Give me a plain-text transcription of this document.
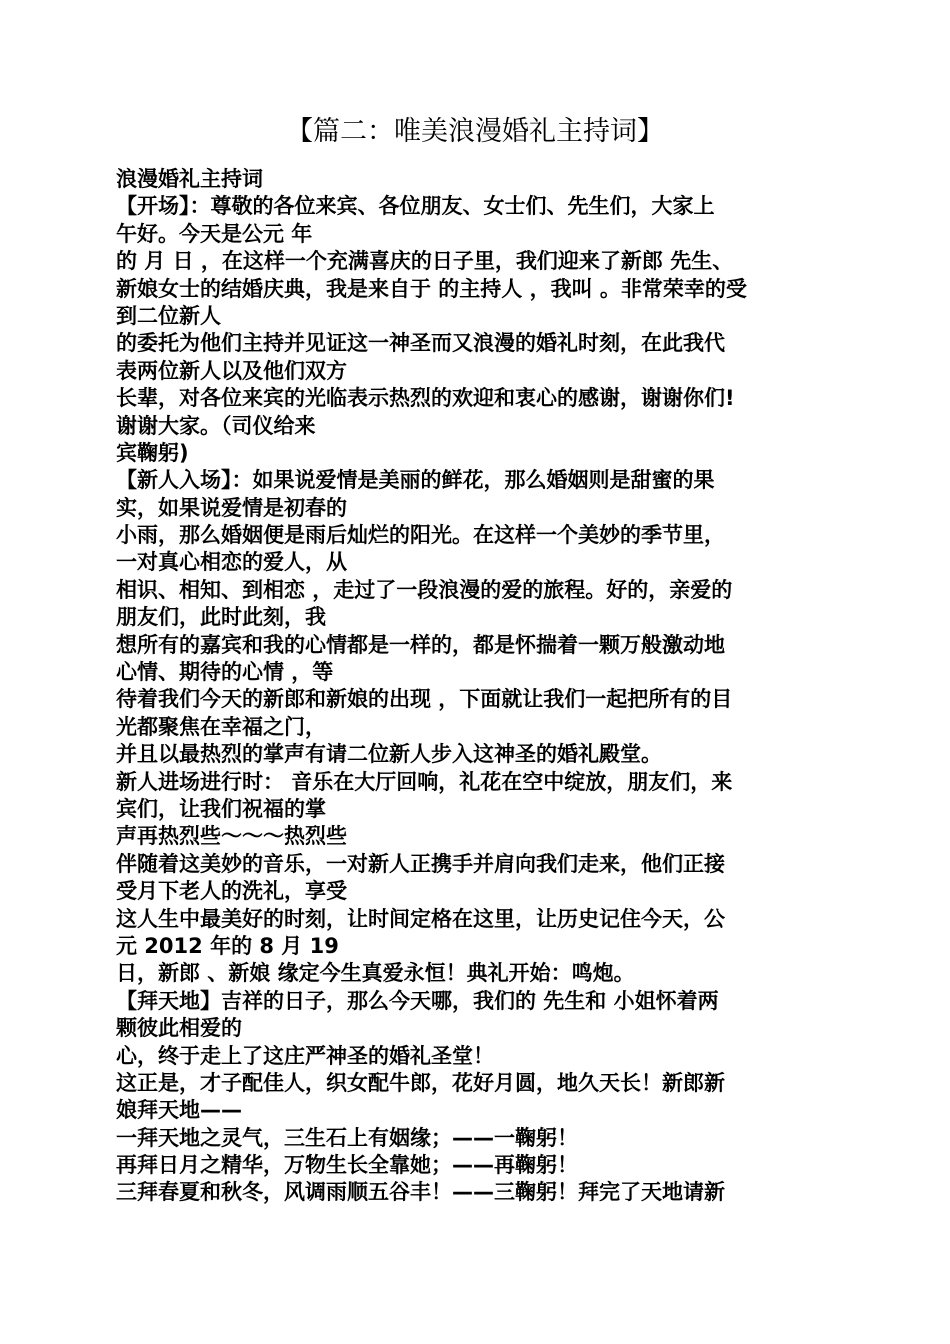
【篇二：唯美浪漫婚礼主持词】
浪漫婚礼主持词
【开场】：尊敬的各位来宾、各位朋友、女士们、先生们，大家上
午好。今天是公元 年
的 月 日 ，在这样一个充满喜庆的日子里，我们迎来了新郎 先生、
新娘女士的结婚庆典，我是来自于 的主持人 ，我叫 。非常荣幸的受
到二位新人
的委托为他们主持并见证这一神圣而又浪漫的婚礼时刻，在此我代
表两位新人以及他们双方
长辈，对各位来宾的光临表示热烈的欢迎和衷心的感谢，谢谢你们!
谢谢大家。（司仪给来
宾鞠躬)
【新人入场】：如果说爱情是美丽的鲜花，那么婚姻则是甜蜜的果
实，如果说爱情是初春的
小雨，那么婚姻便是雨后灿烂的阳光。在这样一个美妙的季节里，
一对真心相恋的爱人，从
相识、相知、到相恋 ，走过了一段浪漫的爱的旅程。好的，亲爱的
朋友们，此时此刻，我
想所有的嘉宾和我的心情都是一样的，都是怀揣着一颗万般激动地
心情、期待的心情 ，等
待着我们今天的新郎和新娘的出现 ，下面就让我们一起把所有的目
光都聚焦在幸福之门，
并且以最热烈的掌声有请二位新人步入这神圣的婚礼殿堂。
新人进场进行时： 音乐在大厅回响，礼花在空中绽放，朋友们，来
宾们，让我们祝福的掌
声再热烈些～～～热烈些
伴随着这美妙的音乐，一对新人正携手并肩向我们走来，他们正接
受月下老人的洗礼，享受
这人生中最美好的时刻，让时间定格在这里，让历史记住今天，公
元 2012 年的 8 月 19
日，新郎 、新娘 缘定今生真爱永恒！典礼开始：鸣炮。
【拜天地】吉祥的日子，那么今天哪，我们的 先生和 小姐怀着两
颗彼此相爱的
心，终于走上了这庄严神圣的婚礼圣堂！
这正是，才子配佳人，织女配牛郎，花好月圆，地久天长！新郎新
娘拜天地——
一拜天地之灵气，三生石上有姻缘；——一鞠躬！
再拜日月之精华，万物生长全靠她；——再鞠躬！
三拜春夏和秋冬，风调雨顺五谷丰！——三鞠躬！拜完了天地请新
